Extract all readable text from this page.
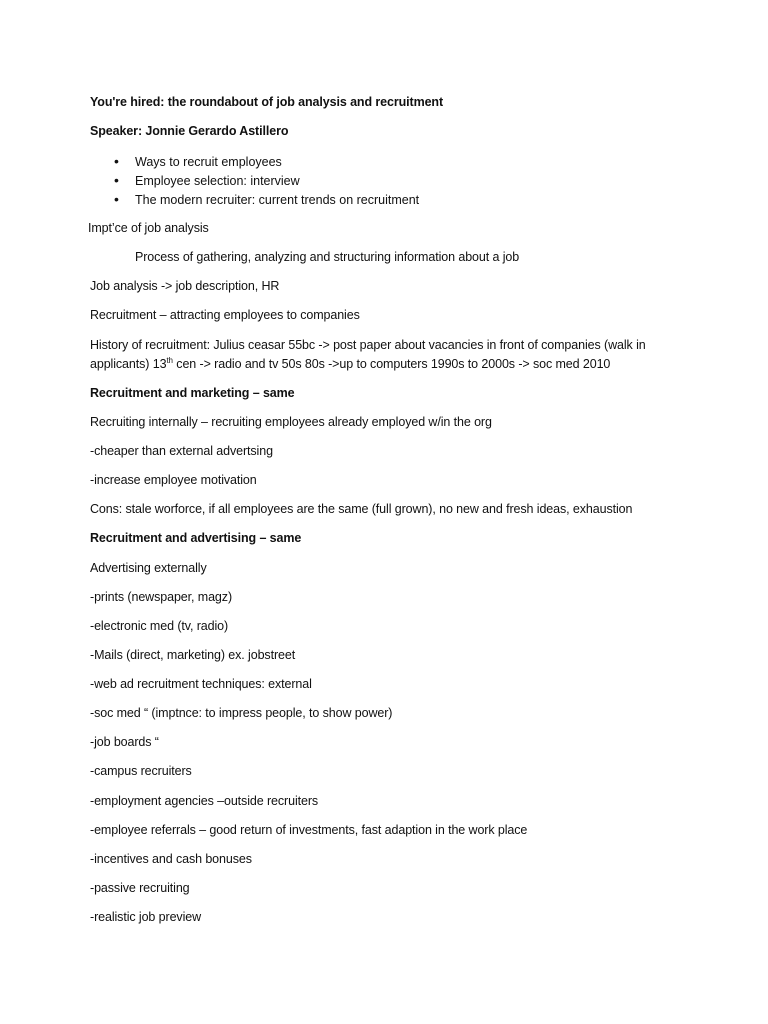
You're hired: the roundabout of job analysis and recruitment
Speaker: Jonnie Gerardo Astillero
• Ways to recruit employees
• Employee selection: interview
• The modern recruiter: current trends on recruitment
Impt’ce of job analysis
Process of gathering, analyzing and structuring information about a job
Job analysis -> job description, HR
Recruitment – attracting employees to companies
History of recruitment: Julius ceasar 55bc -> post paper about vacancies in front of companies (walk in
applicants) 13th cen -> radio and tv 50s 80s ->up to computers 1990s to 2000s -> soc med 2010
Recruitment and marketing – same
Recruiting internally – recruiting employees already employed w/in the org
-cheaper than external advertsing
-increase employee motivation
Cons: stale worforce, if all employees are the same (full grown), no new and fresh ideas, exhaustion
Recruitment and advertising – same
Advertising externally
-prints (newspaper, magz)
-electronic med (tv, radio)
-Mails (direct, marketing) ex. jobstreet
-web ad recruitment techniques: external
-soc med “ (imptnce: to impress people, to show power)
-job boards “
-campus recruiters
-employment agencies –outside recruiters
-employee referrals – good return of investments, fast adaption in the work place
-incentives and cash bonuses
-passive recruiting
-realistic job preview
